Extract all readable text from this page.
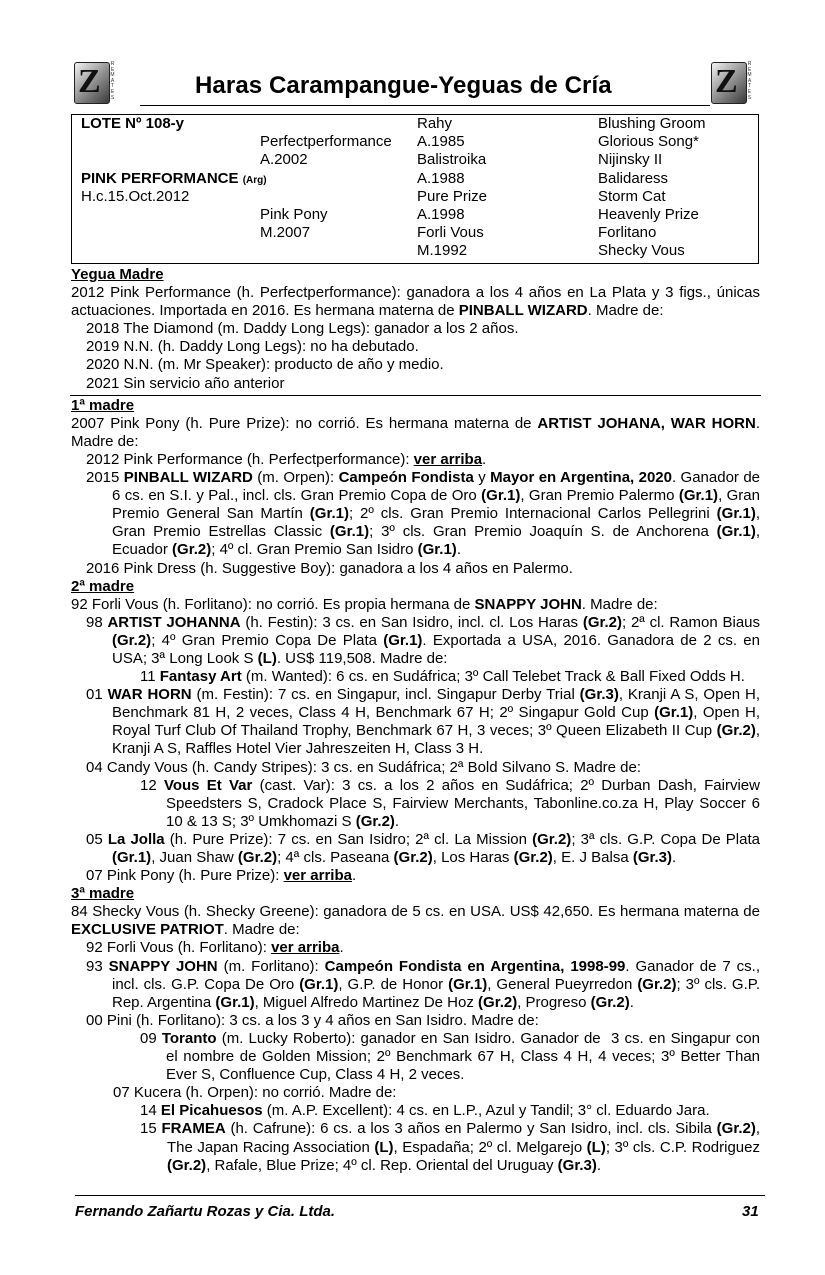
Z R
E
M
A
T
E
S	Z R
E
M
A
T
E
S
Haras Carampangue-Yeguas de Cría
LOTE Nº 108-y
PINK PERFORMANCE (Arg)
H.c.15.Oct.2012
Perfectperformance
A.2002
Pink Pony
M.2007
Rahy
A.1985
Balistroika
A.1988
Pure Prize
A.1998
Forli Vous
M.1992
Blushing Groom
Glorious Song*
Nijinsky II
Balidaress
Storm Cat
Heavenly Prize
Forlitano
Shecky Vous
Yegua Madre
2012 Pink Performance (h. Perfectperformance): ganadora a los 4 años en La Plata y 3 figs., únicas actuaciones. Importada en 2016. Es hermana materna de PINBALL WIZARD. Madre de:
2018 The Diamond (m. Daddy Long Legs): ganador a los 2 años.
2019 N.N. (h. Daddy Long Legs): no ha debutado.
2020 N.N. (m. Mr Speaker): producto de año y medio.
2021 Sin servicio año anterior
1ª madre
2007 Pink Pony (h. Pure Prize): no corrió. Es hermana materna de ARTIST JOHANA, WAR HORN. Madre de:
2012 Pink Performance (h. Perfectperformance): ver arriba.
2015 PINBALL WIZARD (m. Orpen): Campeón Fondista y Mayor en Argentina, 2020. Ganador de 6 cs. en S.I. y Pal., incl. cls. Gran Premio Copa de Oro (Gr.1), Gran Premio Palermo (Gr.1), Gran Premio General San Martín (Gr.1); 2º cls. Gran Premio Internacional Carlos Pellegrini (Gr.1), Gran Premio Estrellas Classic (Gr.1); 3º cls. Gran Premio Joaquín S. de Anchorena (Gr.1), Ecuador (Gr.2); 4º cl. Gran Premio San Isidro (Gr.1).
2016 Pink Dress (h. Suggestive Boy): ganadora a los 4 años en Palermo.
2ª madre
92 Forli Vous (h. Forlitano): no corrió. Es propia hermana de SNAPPY JOHN. Madre de:
98 ARTIST JOHANNA (h. Festin): 3 cs. en San Isidro, incl. cl. Los Haras (Gr.2); 2ª cl. Ramon Biaus (Gr.2); 4º Gran Premio Copa De Plata (Gr.1). Exportada a USA, 2016. Ganadora de 2 cs. en USA; 3ª Long Look S (L). US$ 119,508. Madre de:
11 Fantasy Art (m. Wanted): 6 cs. en Sudáfrica; 3º Call Telebet Track & Ball Fixed Odds H.
01 WAR HORN (m. Festin): 7 cs. en Singapur, incl. Singapur Derby Trial (Gr.3), Kranji A S, Open H, Benchmark 81 H, 2 veces, Class 4 H, Benchmark 67 H; 2º Singapur Gold Cup (Gr.1), Open H, Royal Turf Club Of Thailand Trophy, Benchmark 67 H, 3 veces; 3º Queen Elizabeth II Cup (Gr.2), Kranji A S, Raffles Hotel Vier Jahreszeiten H, Class 3 H.
04 Candy Vous (h. Candy Stripes): 3 cs. en Sudáfrica; 2ª Bold Silvano S. Madre de:
12 Vous Et Var (cast. Var): 3 cs. a los 2 años en Sudáfrica; 2º Durban Dash, Fairview Speedsters S, Cradock Place S, Fairview Merchants, Tabonline.co.za H, Play Soccer 6 10 & 13 S; 3º Umkhomazi S (Gr.2).
05 La Jolla (h. Pure Prize): 7 cs. en San Isidro; 2ª cl. La Mission (Gr.2); 3ª cls. G.P. Copa De Plata (Gr.1), Juan Shaw (Gr.2); 4ª cls. Paseana (Gr.2), Los Haras (Gr.2), E. J Balsa (Gr.3).
07 Pink Pony (h. Pure Prize): ver arriba.
3ª madre
84 Shecky Vous (h. Shecky Greene): ganadora de 5 cs. en USA. US$ 42,650. Es hermana materna de EXCLUSIVE PATRIOT. Madre de:
92 Forli Vous (h. Forlitano): ver arriba.
93 SNAPPY JOHN (m. Forlitano): Campeón Fondista en Argentina, 1998-99. Ganador de 7 cs., incl. cls. G.P. Copa De Oro (Gr.1), G.P. de Honor (Gr.1), General Pueyrredon (Gr.2); 3º cls. G.P. Rep. Argentina (Gr.1), Miguel Alfredo Martinez De Hoz (Gr.2), Progreso (Gr.2).
00 Pini (h. Forlitano): 3 cs. a los 3 y 4 años en San Isidro. Madre de:
09 Toranto (m. Lucky Roberto): ganador en San Isidro. Ganador de  3 cs. en Singapur con el nombre de Golden Mission; 2º Benchmark 67 H, Class 4 H, 4 veces; 3º Better Than Ever S, Confluence Cup, Class 4 H, 2 veces.
07 Kucera (h. Orpen): no corrió. Madre de:
14 El Picahuesos (m. A.P. Excellent): 4 cs. en L.P., Azul y Tandil; 3° cl. Eduardo Jara.
15 FRAMEA (h. Cafrune): 6 cs. a los 3 años en Palermo y San Isidro, incl. cls. Sibila (Gr.2), The Japan Racing Association (L), Espadaña; 2º cl. Melgarejo (L); 3º cls. C.P. Rodriguez (Gr.2), Rafale, Blue Prize; 4º cl. Rep. Oriental del Uruguay (Gr.3).
Fernando Zañartu Rozas y Cia. Ltda.	31
